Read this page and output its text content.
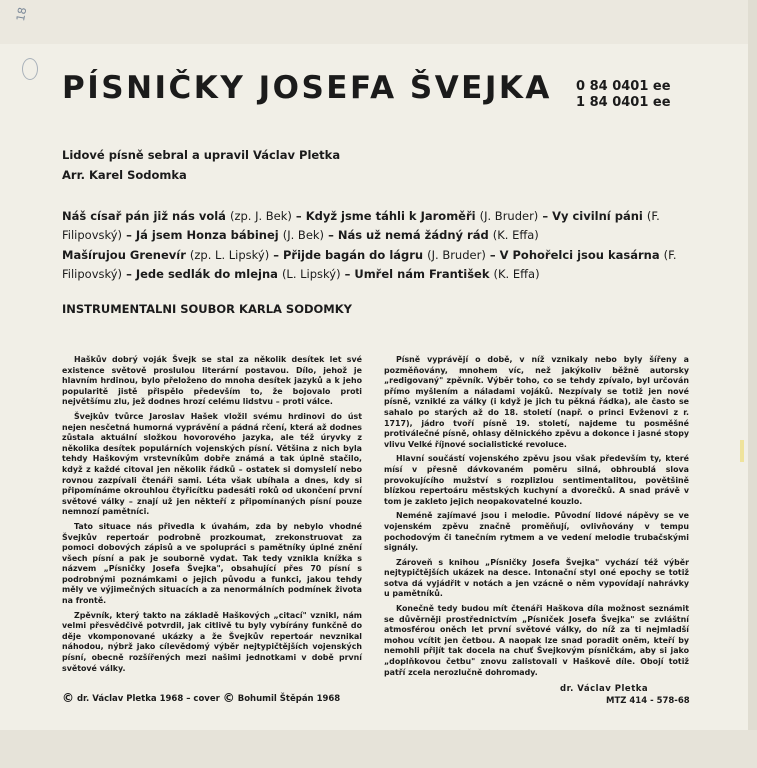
18
PÍSNIČKY JOSEFA ŠVEJKA 0 84 0401 ee
1 84 0401 ee
Lidové písně sebral a upravil Václav Pletka
Arr. Karel Sodomka
Náš císař pán již nás volá (zp. J. Bek) – Když jsme táhli k Jaroměři (J. Bruder) – Vy civilní páni (F. Filipovský) – Já jsem Honza bábinej (J. Bek) – Nás už nemá žádný rád (K. Effa)
Mašírujou Grenevír (zp. L. Lipský) – Přijde bagán do lágru (J. Bruder) – V Pohořelci jsou kasárna (F. Filipovský) – Jede sedlák do mlejna (L. Lipský) – Umřel nám František (K. Effa)
INSTRUMENTALNI SOUBOR KARLA SODOMKY

Haškův dobrý voják Švejk se stal za několik desítek let své existence světově proslulou literární postavou. Dílo, jehož je hlavním hrdinou, bylo přeloženo do mnoha desítek jazyků a k jeho popularitě jistě přispělo především to, že bojovalo proti největšímu zlu, jež dodnes hrozí celému lidstvu – proti válce.

Švejkův tvůrce Jaroslav Hašek vložil svému hrdinovi do úst nejen nesčetná humorná vyprávění a pádná rčení, která až dodnes zůstala aktuální složkou hovorového jazyka, ale též úryvky z několika desítek populárních vojenských písní. Většina z nich byla tehdy Haškovým vrstevníkům dobře známá a tak úplně stačilo, když z každé citoval jen několik řádků – ostatek si domyslelí nebo rovnou zazpívali čtenáři sami. Léta však ubíhala a dnes, kdy si připomínáme okrouhlou čtyřicítku padesáti roků od ukončení první světové války – znají už jen někteří z připomínaných písní pouze nemnozí pamětníci.

Tato situace nás přivedla k úvahám, zda by nebylo vhodné Švejkův repertoár podrobně prozkoumat, zrekonstruovat za pomoci dobových zápisů a ve spolupráci s pamětníky úplné znění všech písní a pak je souborně vydat. Tak tedy vznikla knížka s názvem „Písničky Josefa Švejka", obsahující přes 70 písní s podrobnými poznámkami o jejich původu a funkci, jakou tehdy měly ve výjimečných situacích a za nenormálních podmínek života na frontě.

Zpěvník, který takto na základě Haškových „citací" vznikl, nám velmi přesvědčivě potvrdil, jak citlivě tu byly vybírány funkčně do děje vkomponované ukázky a že Švejkův repertoár nevznikal náhodou, nýbrž jako cílevědomý výběr nejtypičtějších vojenských písní, obecně rozšířených mezi našimi jednotkami v době první světové války.

Písně vyprávějí o době, v níž vznikaly nebo byly šířeny a pozměňovány, mnohem víc, než jakýkoliv běžně autorsky „redigovaný" zpěvník. Výběr toho, co se tehdy zpívalo, byl určován přímo myšlením a náladami vojáků. Nezpívaly se totiž jen nové písně, vzniklé za války (i když je jich tu pěkná řádka), ale často se sahalo po starých až do 18. století (např. o princi Evženovi z r. 1717), jádro tvoří písně 19. století, najdeme tu posměšné protiválečné písně, ohlasy dělnického zpěvu a dokonce i jasné stopy vlivu Velké říjnové socialistické revoluce.

Hlavní součástí vojenského zpěvu jsou však především ty, které mísí v přesně dávkovaném poměru silná, obhroublá slova provokujícího mužství s rozplizlou sentimentalitou, povětšině blízkou repertoáru městských kuchyní a dvorečků. A snad právě v tom je zakleto jejich neopakovatelné kouzlo.

Neméně zajímavé jsou i melodie. Původní lidové nápěvy se ve vojenském zpěvu značně proměňují, ovlivňovány v tempu pochodovým či tanečním rytmem a ve vedení melodie trubačskými signály.

Zároveň s knihou „Písničky Josefa Švejka" vychází též výběr nejtypičtějších ukázek na desce. Intonační styl oné epochy se totiž sotva dá vyjádřit v notách a jen vzácně o něm vypovídají nahrávky u pamětníků.

Konečně tedy budou mít čtenáři Haškova díla možnost seznámit se důvěrněji prostřednictvím „Písniček Josefa Švejka" se zvláštní atmosférou oněch let první světové války, do níž za ti nejmladší mohou vcítit jen četbou. A naopak lze snad poradit oněm, kteří by nemohli přijít tak docela na chuť Švejkovým písničkám, aby si jako „doplňkovou četbu" znovu zalistovali v Haškově díle. Obojí totiž patří zcela nerozlučně dohromady.

dr. Václav Pletka
© dr. Václav Pletka 1968 – cover © Bohumil Štěpán 1968	MTZ 414 - 578-68
